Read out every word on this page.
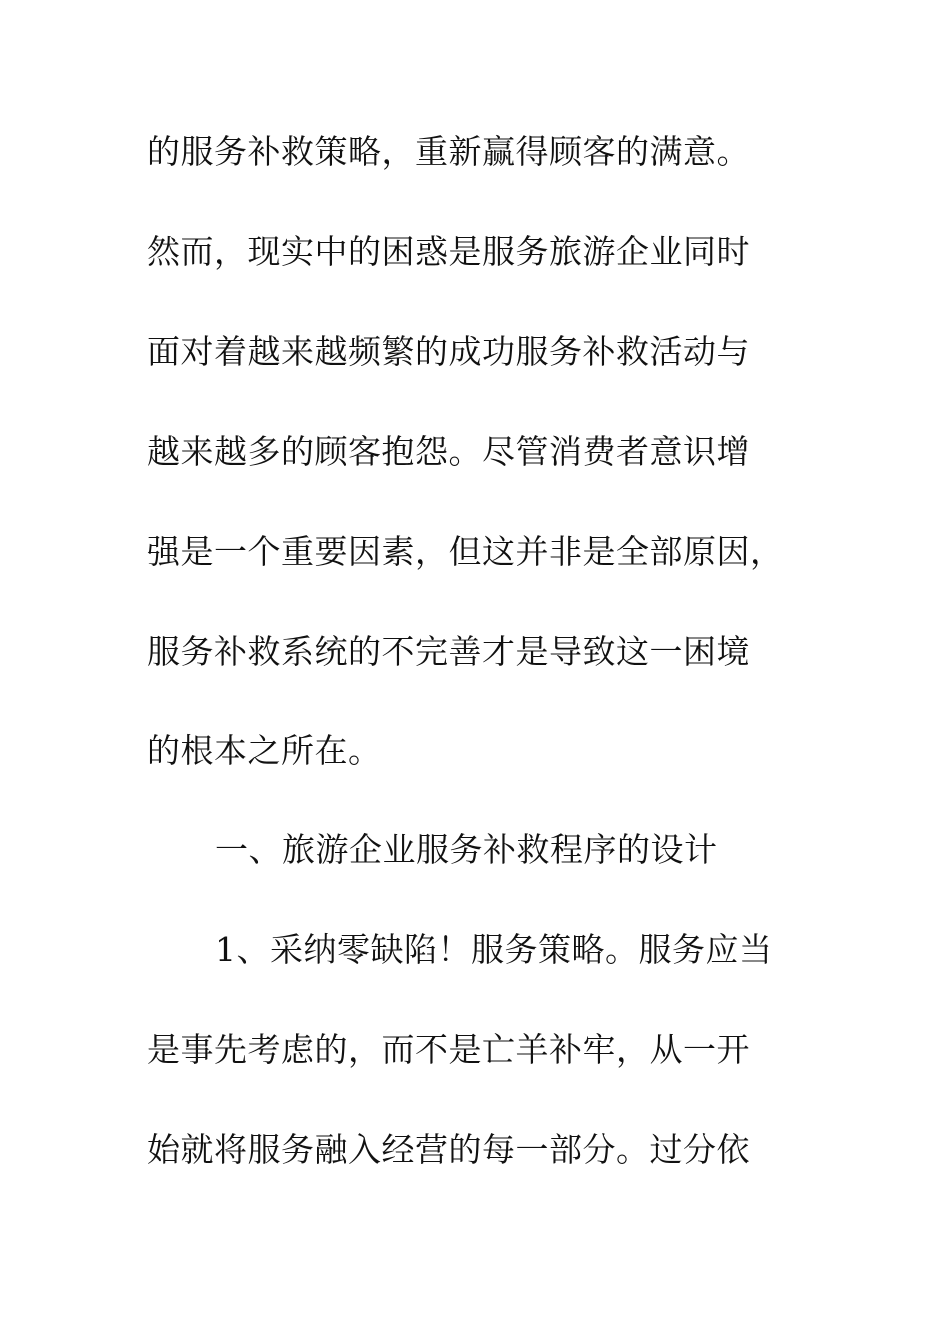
的服务补救策略，重新赢得顾客的满意。

然而，现实中的困惑是服务旅游企业同时

面对着越来越频繁的成功服务补救活动与

越来越多的顾客抱怨。尽管消费者意识增

强是一个重要因素，但这并非是全部原因，

服务补救系统的不完善才是导致这一困境

的根本之所在。

一、旅游企业服务补救程序的设计

1、采纳零缺陷！服务策略。服务应当

是事先考虑的，而不是亡羊补牢，从一开

始就将服务融入经营的每一部分。过分依
